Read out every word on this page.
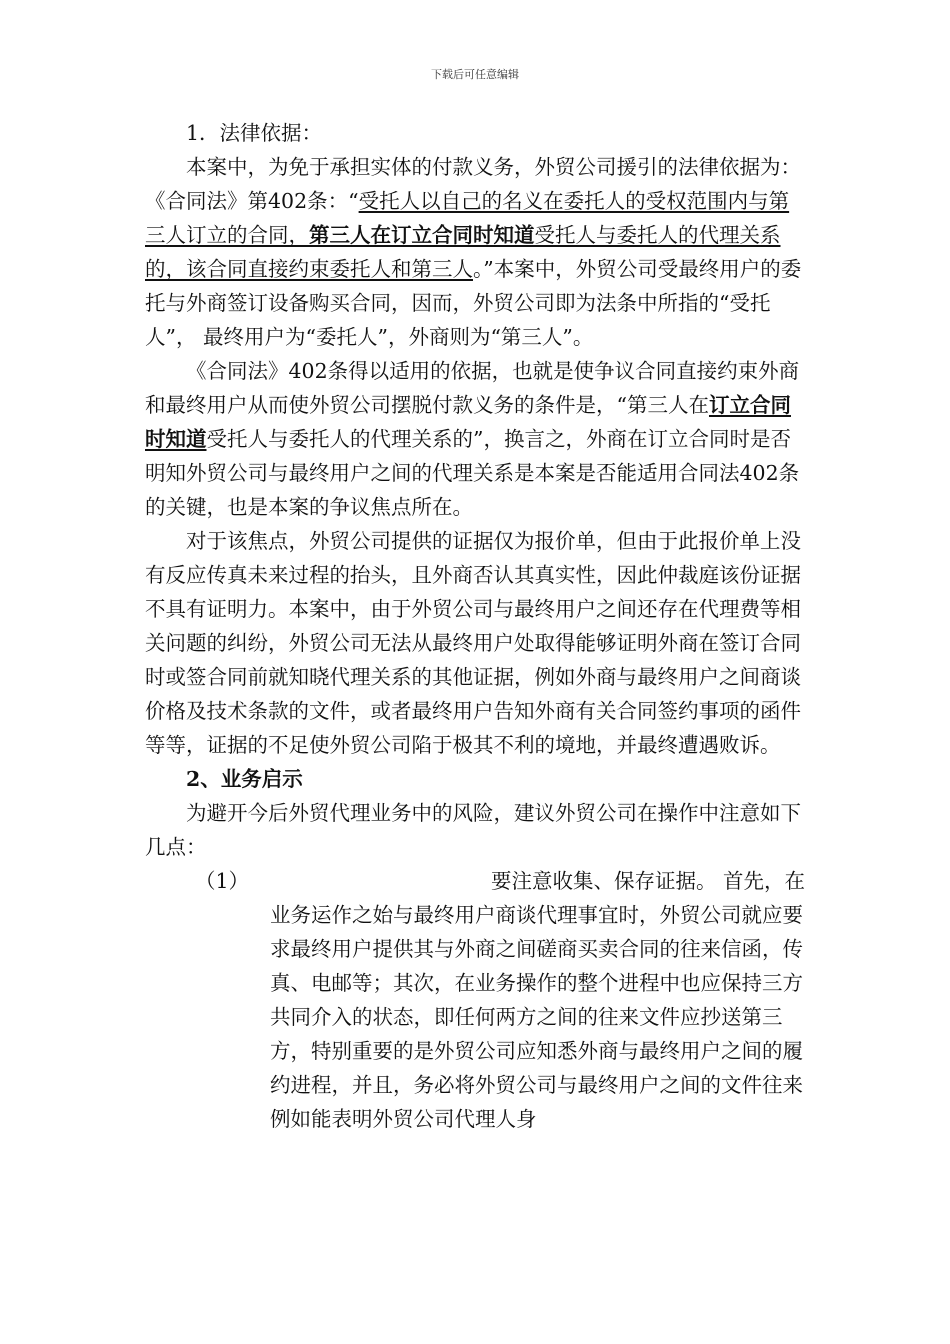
下载后可任意编辑

1．法律依据：

本案中，为免于承担实体的付款义务，外贸公司援引的法律依据为：《合同法》第402条：“受托人以自己的名义在委托人的受权范围内与第三人订立的合同，第三人在订立合同时知道受托人与委托人的代理关系的，该合同直接约束委托人和第三人。”本案中，外贸公司受最终用户的委托与外商签订设备购买合同，因而，外贸公司即为法条中所指的“受托人”， 最终用户为“委托人”，外商则为“第三人”。

《合同法》402条得以适用的依据，也就是使争议合同直接约束外商和最终用户从而使外贸公司摆脱付款义务的条件是，“第三人在订立合同时知道受托人与委托人的代理关系的”，换言之，外商在订立合同时是否明知外贸公司与最终用户之间的代理关系是本案是否能适用合同法402条的关键，也是本案的争议焦点所在。

对于该焦点，外贸公司提供的证据仅为报价单，但由于此报价单上没有反应传真未来过程的抬头，且外商否认其真实性，因此仲裁庭该份证据不具有证明力。本案中，由于外贸公司与最终用户之间还存在代理费等相关问题的纠纷，外贸公司无法从最终用户处取得能够证明外商在签订合同时或签合同前就知晓代理关系的其他证据，例如外商与最终用户之间商谈价格及技术条款的文件，或者最终用户告知外商有关合同签约事项的函件等等，证据的不足使外贸公司陷于极其不利的境地，并最终遭遇败诉。

2、业务启示

为避开今后外贸代理业务中的风险，建议外贸公司在操作中注意如下几点：

（1）	要注意收集、保存证据。 首先，在
业务运作之始与最终用户商谈代理事宜时，外贸公司就应要求最终用户提供其与外商之间磋商买卖合同的往来信函，传真、电邮等；其次，在业务操作的整个进程中也应保持三方共同介入的状态，即任何两方之间的往来文件应抄送第三方，特别重要的是外贸公司应知悉外商与最终用户之间的履约进程，并且，务必将外贸公司与最终用户之间的文件往来例如能表明外贸公司代理人身
